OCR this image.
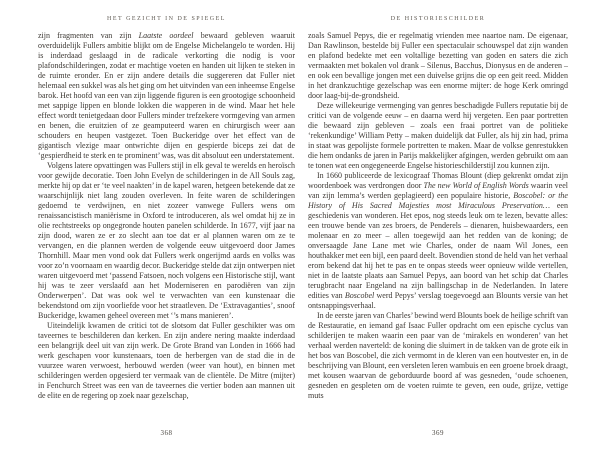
HET GEZICHT IN DE SPIEGEL

zijn fragmenten van zijn Laatste oordeel bewaard gebleven waaruit overduidelijk Fullers ambitie blijkt om de Engelse Michelangelo te worden. Hij is inderdaad geslaagd in de radicale verkorting die nodig is voor plafondschilderingen, zodat er machtige voeten en handen uit lijken te steken in de ruimte eronder. En er zijn andere details die suggereren dat Fuller niet helemaal een sukkel was als het ging om het uitvinden van een inheemse Engelse barok. Het hoofd van een van zijn liggende figuren is een grootogige schoonheid met sappige lippen en blonde lokken die wapperen in de wind. Maar het hele effect wordt tenietgedaan door Fullers minder trefzekere vormgeving van armen en benen, die eruitzien of ze geamputeerd waren en chirurgisch weer aan schouders en heupen vastgezet. Toen Buckeridge over het effect van de gigantisch vlezige maar ontwrichte dijen en gespierde biceps zei dat de ‘gespierdheid te sterk en te prominent’ was, was dit absoluut een understatement.

Volgens latere opvattingen was Fullers stijl in elk geval te werelds en heroïsch voor gewijde decoratie. Toen John Evelyn de schilderingen in de All Souls zag, merkte hij op dat er ‘te veel naakten’ in de kapel waren, hetgeen betekende dat ze waarschijnlijk niet lang zouden overleven. In feite waren de schilderingen gedoemd te verdwijnen, en niet zozeer vanwege Fullers wens om renaissancistisch maniërisme in Oxford te introduceren, als wel omdat hij ze in olie rechtstreeks op ongegronde houten panelen schilderde. In 1677, vijf jaar na zijn dood, waren ze er zo slecht aan toe dat er al plannen waren om ze te vervangen, en die plannen werden de volgende eeuw uitgevoerd door James Thornhill. Maar men vond ook dat Fullers werk ongerijmd aards en volks was voor zo’n voornaam en waardig decor. Buckeridge stelde dat zijn ontwerpen niet waren uitgevoerd met ‘passend Fatsoen, noch volgens een Historische stijl, want hij was te zeer verslaafd aan het Moderniseren en parodiëren van zijn Onderwerpen’. Dat was ook wel te verwachten van een kunstenaar die bekendstond om zijn voorliefde voor het straatleven. De ‘Extravaganties’, snoof Buckeridge, kwamen geheel overeen met ‘’s mans manieren’.

Uiteindelijk kwamen de critici tot de slotsom dat Fuller geschikter was om taveernes te beschilderen dan kerken. En zijn andere nering maakte inderdaad een belangrijk deel uit van zijn werk. De Grote Brand van Londen in 1666 had werk geschapen voor kunstenaars, toen de herbergen van de stad die in de vuurzee waren verwoest, herbouwd werden (weer van hout), en binnen met schilderingen werden opgesierd ter vermaak van de clientèle. De Mitre (mijter) in Fenchurch Street was een van de taveernes die vertier boden aan mannen uit de elite en de regering op zoek naar gezelschap,

368
DE HISTORIESCHILDER

zoals Samuel Pepys, die er regelmatig vrienden mee naartoe nam. De eigenaar, Dan Rawlinson, bestelde bij Fuller een spectaculair schouwspel dat zijn wanden en plafond bedekte met een voltallige bezetting van goden en saters die zich vermaakten met bokalen vol drank – Silenus, Bacchus, Dionysus en de anderen – en ook een bevallige jongen met een duivelse grijns die op een geit reed. Midden in het drankzuchtige gezelschap was een enorme mijter: de hoge Kerk omringd door laag-bij-de-grondsheid.

Deze willekeurige vermenging van genres beschadigde Fullers reputatie bij de critici van de volgende eeuw – en daarna werd hij vergeten. Een paar portretten die bewaard zijn gebleven – zoals een fraai portret van de politieke ‘rekenkundige’ William Petty – maken duidelijk dat Fuller, als hij zin had, prima in staat was gepolijste formele portretten te maken. Maar de volkse genrestukken die hem ondanks de jaren in Parijs makkelijker afgingen, werden gebruikt om aan te tonen wat een ongegeneerde Engelse historieschilderstijl zou kunnen zijn.

In 1660 publiceerde de lexicograaf Thomas Blount (diep gekrenkt omdat zijn woordenboek was verdrongen door The new World of English Words waarin veel van zijn lemma’s werden geplagieerd) een populaire historie, Boscobel: or the History of His Sacred Majesties most Miraculous Preservation… een geschiedenis van wonderen. Het epos, nog steeds leuk om te lezen, bevatte alles: een trouwe bende van zes broers, de Penderels – dienaren, huisbewaarders, een molenaar en zo meer – allen toegewijd aan het redden van de koning; de onversaagde Jane Lane met wie Charles, onder de naam Wil Jones, een houthakker met een bijl, een paard deelt. Bovendien stond de held van het verhaal erom bekend dat hij het te pas en te onpas steeds weer opnieuw wilde vertellen, niet in de laatste plaats aan Samuel Pepys, aan boord van het schip dat Charles terugbracht naar Engeland na zijn ballingschap in de Nederlanden. In latere edities van Boscobel werd Pepys’ verslag toegevoegd aan Blounts versie van het ontsnappingsverhaal.

In de eerste jaren van Charles’ bewind werd Blounts boek de heilige schrift van de Restauratie, en iemand gaf Isaac Fuller opdracht om een epische cyclus van schilderijen te maken waarin een paar van de ‘mirakels en wonderen’ van het verhaal werden naverteld: de koning die sluimert in de takken van de grote eik in het bos van Boscobel, die zich vermomt in de kleren van een houtvester en, in de beschrijving van Blount, een versleten leren wambuis en een groene broek draagt, met kousen waarvan de geborduurde boord af was gesneden, ‘oude schoenen, gesneden en gespleten om de voeten ruimte te geven, een oude, grijze, vettige muts

369
